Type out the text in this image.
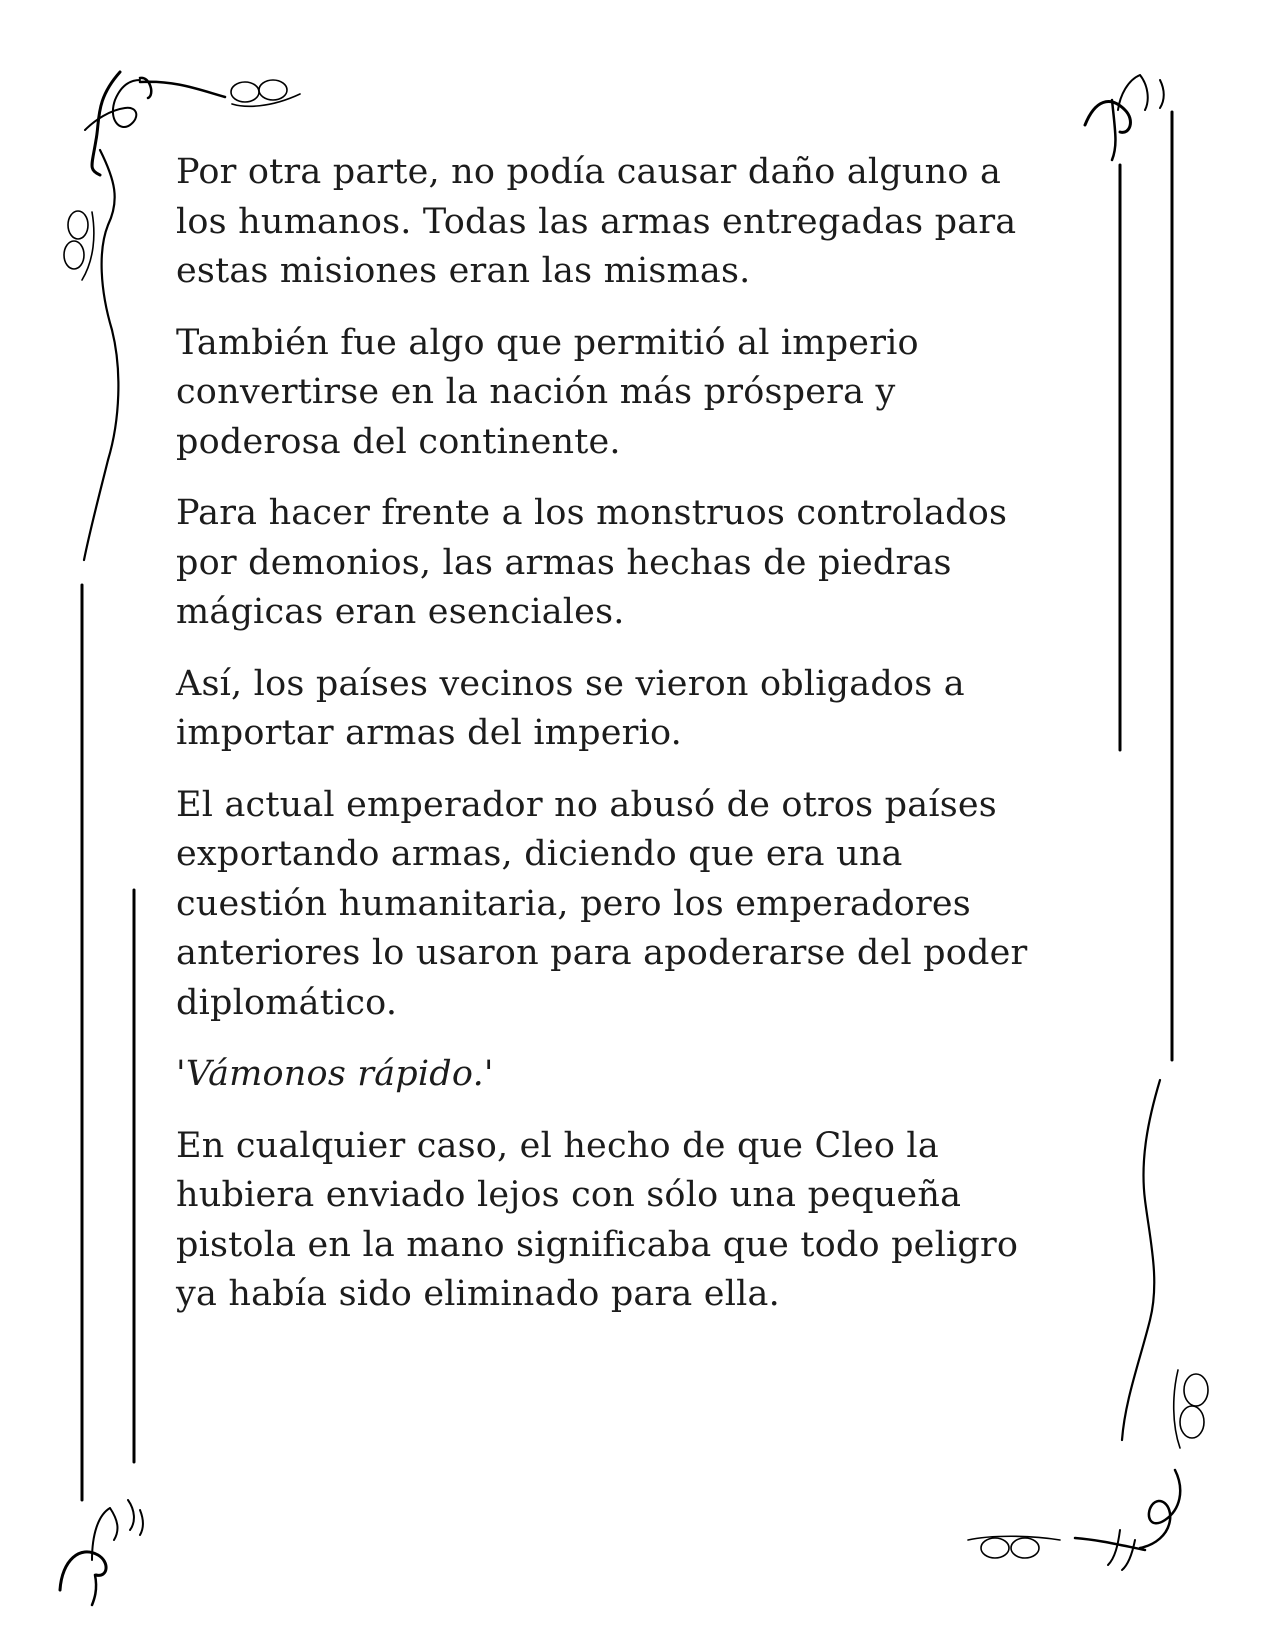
Por otra parte, no podía causar daño alguno a
los humanos. Todas las armas entregadas para
estas misiones eran las mismas.

También fue algo que permitió al imperio
convertirse en la nación más próspera y
poderosa del continente.

Para hacer frente a los monstruos controlados
por demonios, las armas hechas de piedras
mágicas eran esenciales.

Así, los países vecinos se vieron obligados a
importar armas del imperio.

El actual emperador no abusó de otros países
exportando armas, diciendo que era una
cuestión humanitaria, pero los emperadores
anteriores lo usaron para apoderarse del poder
diplomático.

'Vámonos rápido.'

En cualquier caso, el hecho de que Cleo la
hubiera enviado lejos con sólo una pequeña
pistola en la mano significaba que todo peligro
ya había sido eliminado para ella.
